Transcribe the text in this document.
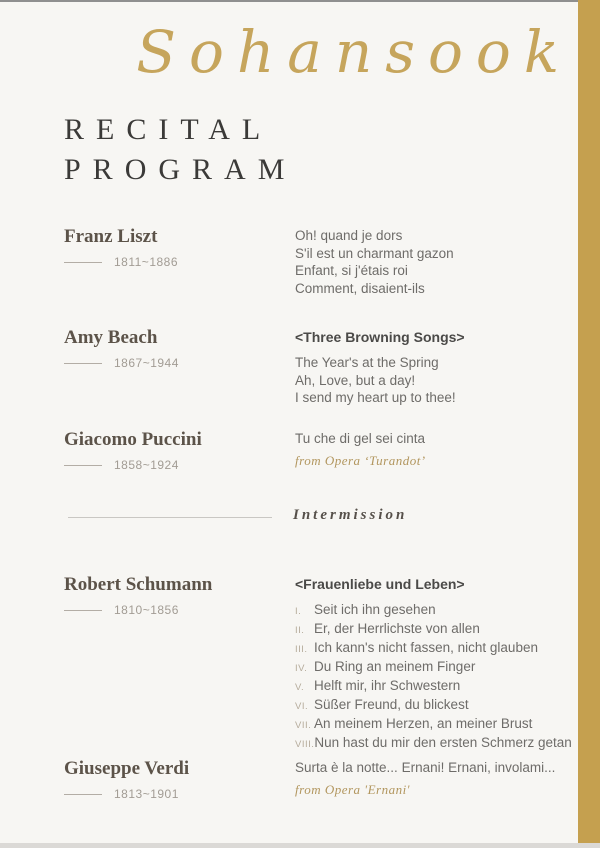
Sohansook
RECITAL
PROGRAM
Franz Liszt
1811~1886
Oh! quand je dors
S'il est un charmant gazon
Enfant, si j'étais roi
Comment, disaient-ils
Amy Beach
1867~1944
<Three Browning Songs>
The Year's at the Spring
Ah, Love, but a day!
I send my heart up to thee!
Giacomo Puccini
1858~1924
Tu che di gel sei cinta
from Opera ‘Turandot’
Robert Schumann
1810~1856
<Frauenliebe und Leben>
I. Seit ich ihn gesehen
II. Er, der Herrlichste von allen
III. Ich kann's nicht fassen, nicht glauben
IV. Du Ring an meinem Finger
V. Helft mir, ihr Schwestern
VI. Süßer Freund, du blickest
VII. An meinem Herzen, an meiner Brust
VIII. Nun hast du mir den ersten Schmerz getan
Giuseppe Verdi
1813~1901
Surta è la notte... Ernani! Ernani, involami...
from Opera 'Ernani'
Intermission
